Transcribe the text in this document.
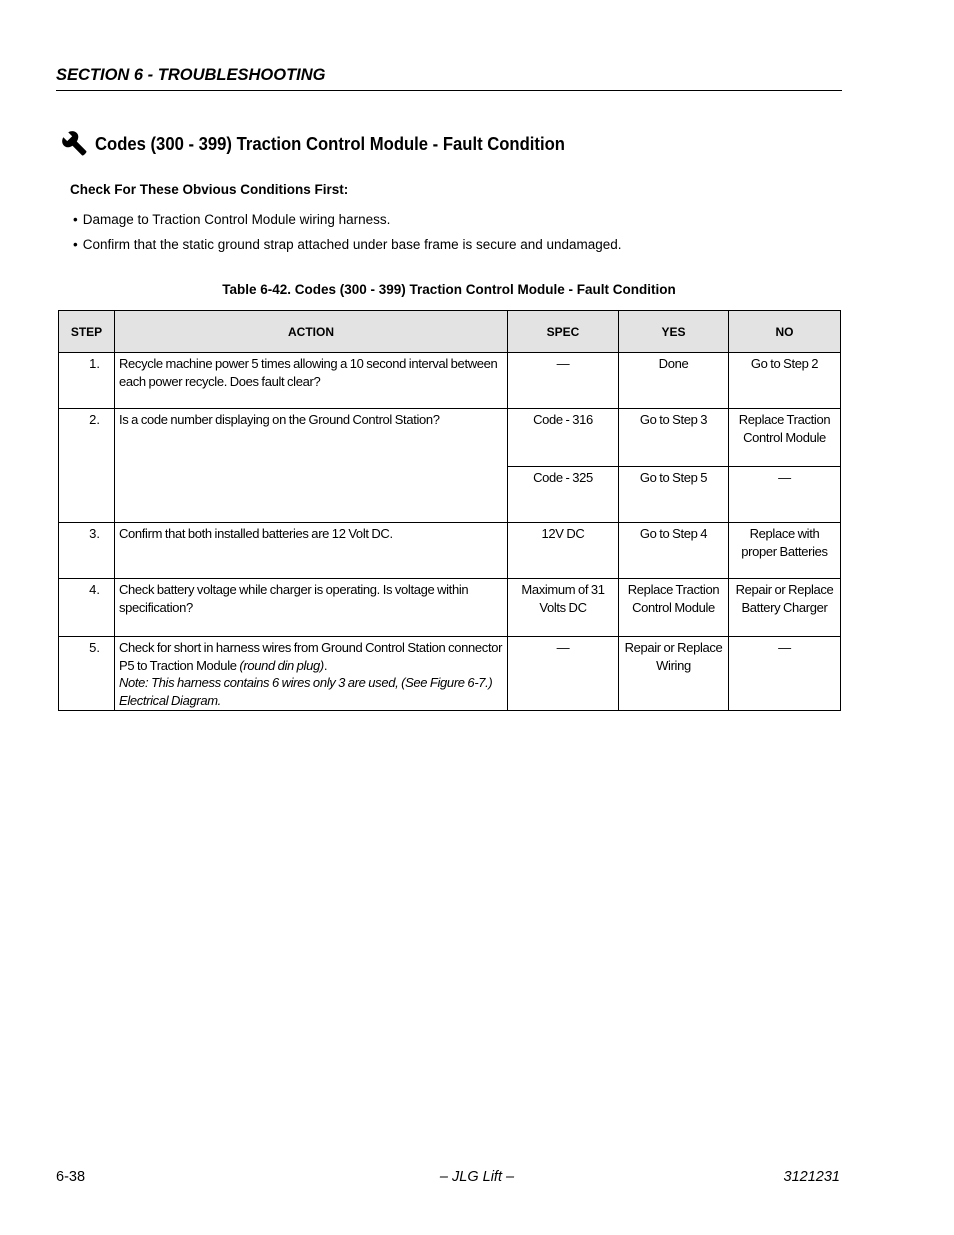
SECTION 6 - TROUBLESHOOTING
Codes (300 - 399) Traction Control Module - Fault Condition
Check For These Obvious Conditions First:
• Damage to Traction Control Module wiring harness.
• Confirm that the static ground strap attached under base frame is secure and undamaged.
Table 6-42. Codes (300 - 399) Traction Control Module - Fault Condition
STEP	ACTION	SPEC	YES	NO

1.	Recycle machine power 5 times allowing a 10 second interval between each power recycle. Does fault clear?	—	Done	Go to Step 2

2.	Is a code number displaying on the Ground Control Station?	Code - 316	Go to Step 3	Replace Traction Control Module

		Code - 325	Go to Step 5	—

3.	Confirm that both installed batteries are 12 Volt DC.	12V DC	Go to Step 4	Replace with proper Batteries

4.	Check battery voltage while charger is operating. Is voltage within specification?	Maximum of 31 Volts DC	Replace Traction Control Module	Repair or Replace Battery Charger

5.	Check for short in harness wires from Ground Control Station connector P5 to Traction Module (round din plug).
Note: This harness contains 6 wires only 3 are used, (See Figure 6-7.) Electrical Diagram.	—	Repair or Replace Wiring	—
6-38	– JLG Lift –	3121231
